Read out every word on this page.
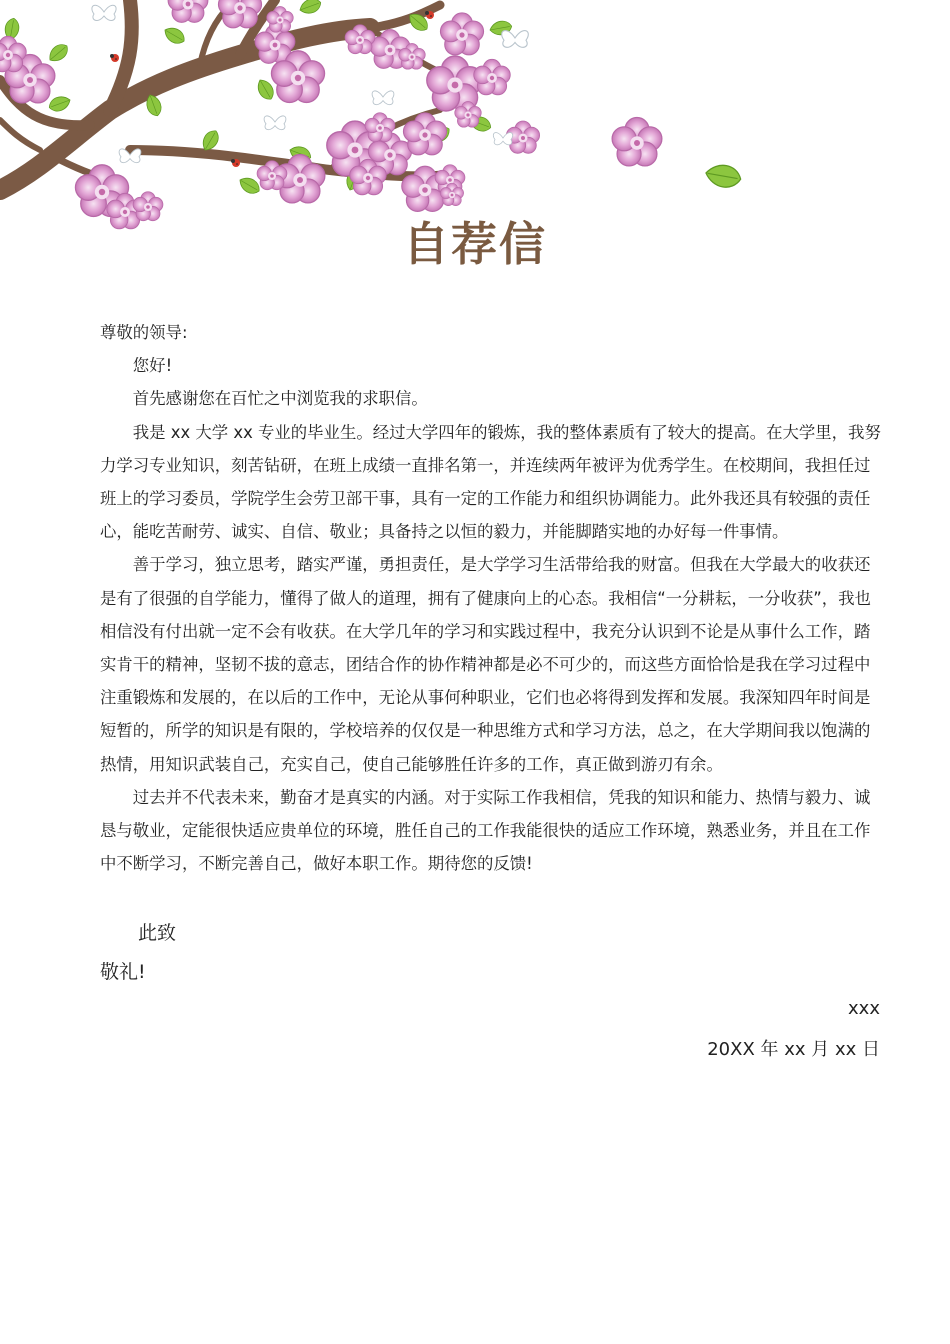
自荐信

尊敬的领导:

您好!

首先感谢您在百忙之中浏览我的求职信。

我是 xx 大学 xx 专业的毕业生。经过大学四年的锻炼，我的整体素质有了较大的提高。在大学里，我努力学习专业知识，刻苦钻研，在班上成绩一直排名第一，并连续两年被评为优秀学生。在校期间，我担任过班上的学习委员，学院学生会劳卫部干事，具有一定的工作能力和组织协调能力。此外我还具有较强的责任心，能吃苦耐劳、诚实、自信、敬业；具备持之以恒的毅力，并能脚踏实地的办好每一件事情。

善于学习，独立思考，踏实严谨，勇担责任，是大学学习生活带给我的财富。但我在大学最大的收获还是有了很强的自学能力，懂得了做人的道理，拥有了健康向上的心态。我相信“一分耕耘，一分收获”，我也相信没有付出就一定不会有收获。在大学几年的学习和实践过程中，我充分认识到不论是从事什么工作，踏实肯干的精神，坚韧不拔的意志，团结合作的协作精神都是必不可少的，而这些方面恰恰是我在学习过程中注重锻炼和发展的，在以后的工作中，无论从事何种职业，它们也必将得到发挥和发展。我深知四年时间是短暂的，所学的知识是有限的，学校培养的仅仅是一种思维方式和学习方法，总之，在大学期间我以饱满的热情，用知识武装自己，充实自己，使自己能够胜任许多的工作，真正做到游刃有余。

过去并不代表未来，勤奋才是真实的内涵。对于实际工作我相信，凭我的知识和能力、热情与毅力、诚恳与敬业，定能很快适应贵单位的环境，胜任自己的工作我能很快的适应工作环境，熟悉业务，并且在工作中不断学习，不断完善自己，做好本职工作。期待您的反馈!

此致
敬礼!
xxx
20XX 年 xx 月 xx 日
